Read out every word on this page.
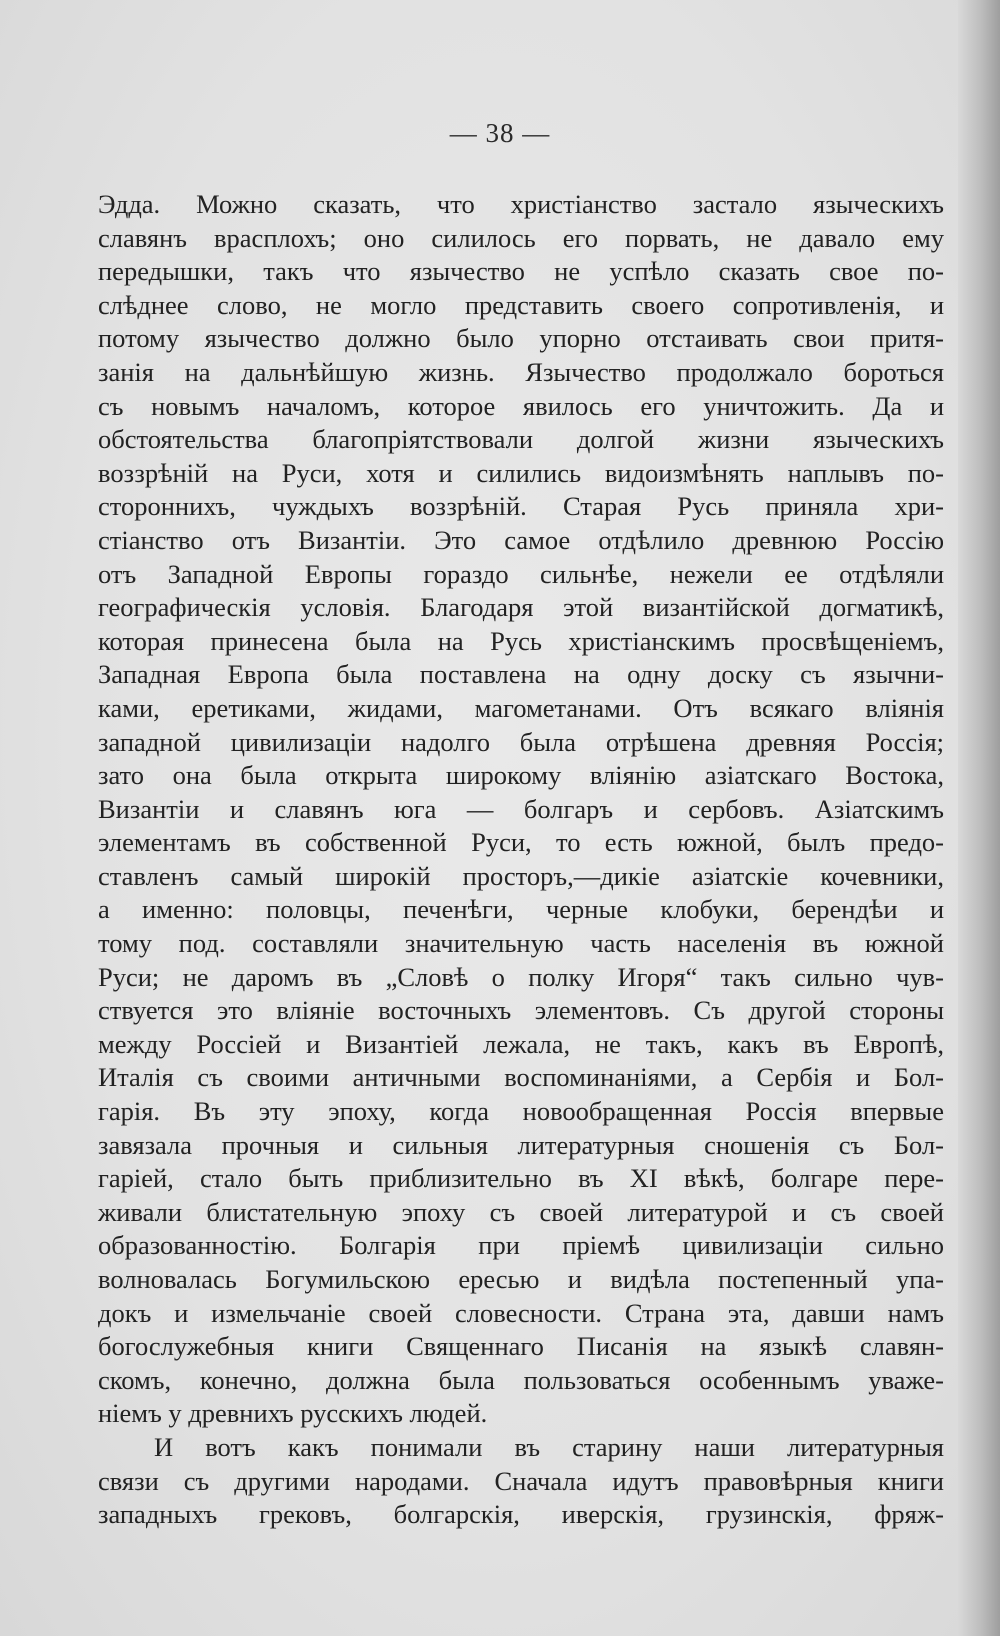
— 38 —
Эдда. Можно сказать, что христіанство застало языческихъ
славянъ врасплохъ; оно силилось его порвать, не давало ему
передышки, такъ что язычество не успѣло сказать свое по-
слѣднее слово, не могло представить своего сопротивленія, и
потому язычество должно было упорно отстаивать свои притя-
занія на дальнѣйшую жизнь. Язычество продолжало бороться
съ новымъ началомъ, которое явилось его уничтожить. Да и
обстоятельства благопріятствовали долгой жизни языческихъ
воззрѣній на Руси, хотя и силились видоизмѣнять наплывъ по-
стороннихъ, чуждыхъ воззрѣній. Старая Русь приняла хри-
стіанство отъ Византіи. Это самое отдѣлило древнюю Россію
отъ Западной Европы гораздо сильнѣе, нежели ее отдѣляли
географическія условія. Благодаря этой византійской догматикѣ,
которая принесена была на Русь христіанскимъ просвѣщеніемъ,
Западная Европа была поставлена на одну доску съ язычни-
ками, еретиками, жидами, магометанами. Отъ всякаго вліянія
западной цивилизаціи надолго была отрѣшена древняя Россія;
зато она была открыта широкому вліянію азіатскаго Востока,
Византіи и славянъ юга — болгаръ и сербовъ. Азіатскимъ
элементамъ въ собственной Руси, то есть южной, былъ предо-
ставленъ самый широкій просторъ,—дикіе азіатскіе кочевники,
а именно: половцы, печенѣги, черные клобуки, берендѣи и
тому под. составляли значительную часть населенія въ южной
Руси; не даромъ въ „Словѣ о полку Игоря“ такъ сильно чув-
ствуется это вліяніе восточныхъ элементовъ. Съ другой стороны
между Россіей и Византіей лежала, не такъ, какъ въ Европѣ,
Италія съ своими античными воспоминаніями, а Сербія и Бол-
гарія. Въ эту эпоху, когда новообращенная Россія впервые
завязала прочныя и сильныя литературныя сношенія съ Бол-
гаріей, стало быть приблизительно въ XI вѣкѣ, болгаре пере-
живали блистательную эпоху съ своей литературой и съ своей
образованностію. Болгарія при пріемѣ цивилизаціи сильно
волновалась Богумильскою ересью и видѣла постепенный упа-
докъ и измельчаніе своей словесности. Страна эта, давши намъ
богослужебныя книги Священнаго Писанія на языкѣ славян-
скомъ, конечно, должна была пользоваться особеннымъ уваже-
ніемъ у древнихъ русскихъ людей.
И вотъ какъ понимали въ старину наши литературныя
связи съ другими народами. Сначала идутъ правовѣрныя книги
западныхъ грековъ, болгарскія, иверскія, грузинскія, фряж-
